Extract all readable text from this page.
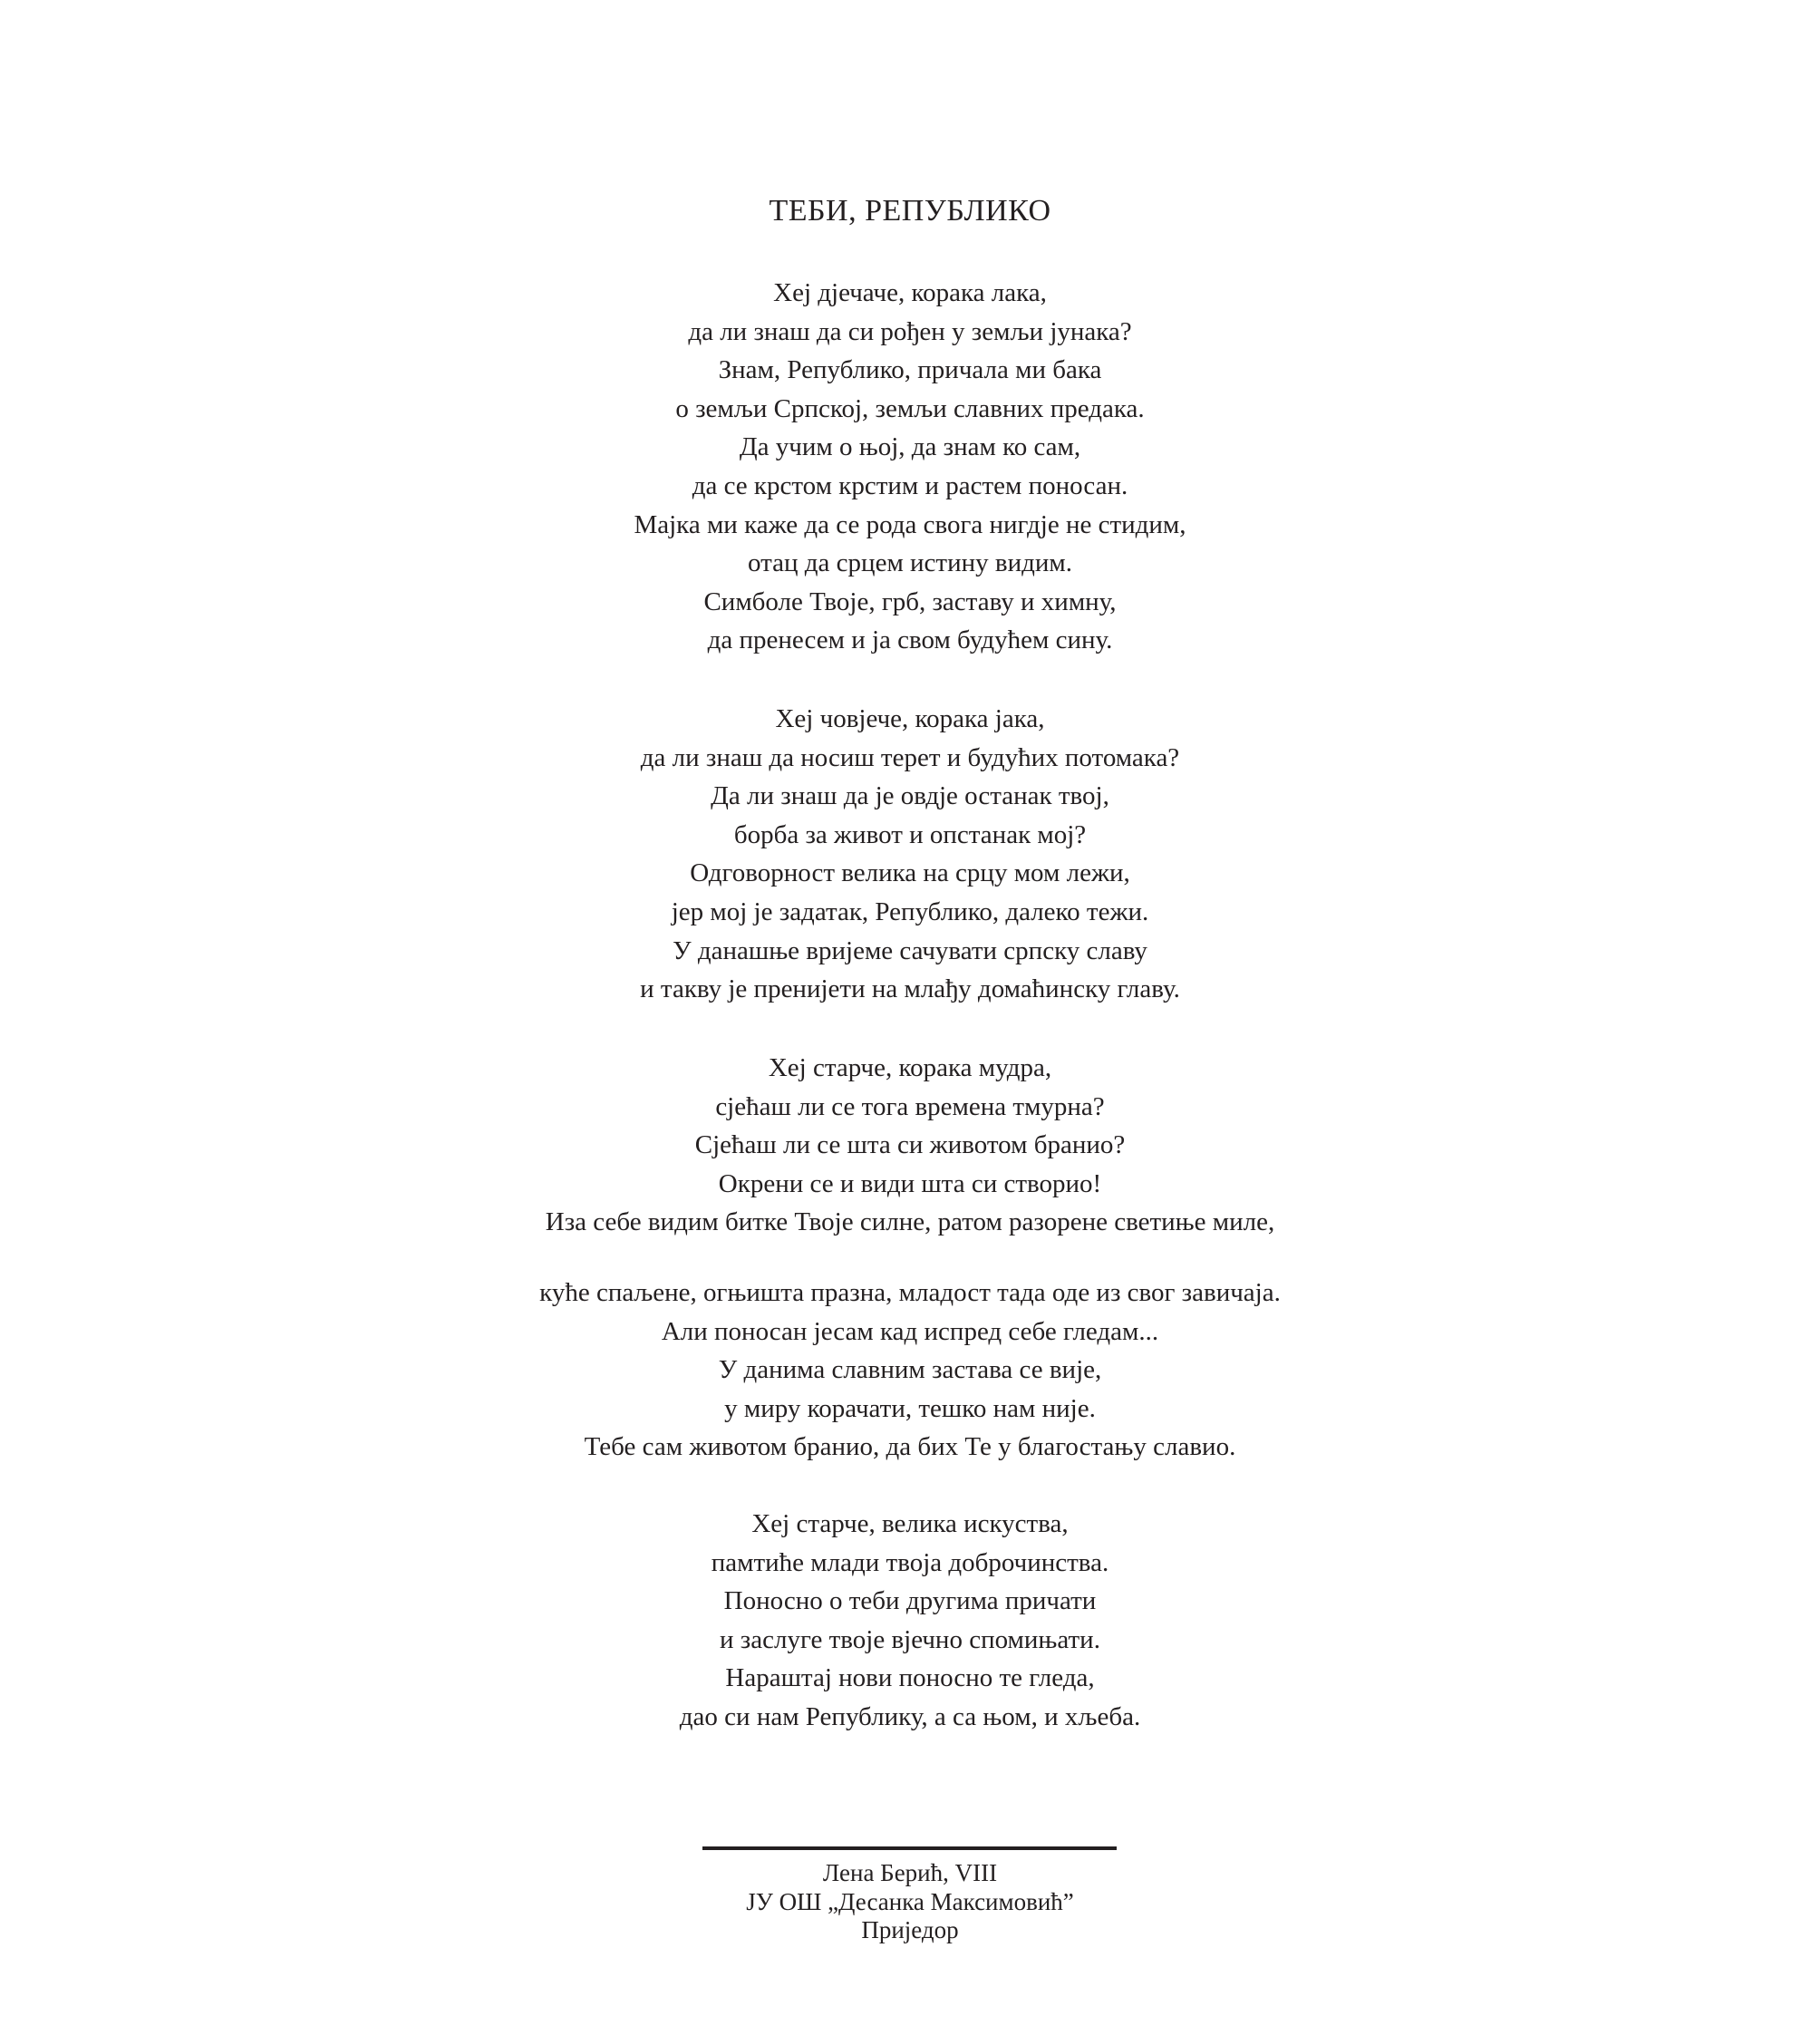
ТЕБИ, РЕПУБЛИКО
Хеј дјечаче, корака лака,
да ли знаш да си рођен у земљи јунака?
Знам, Републико, причала ми бака
о земљи Српској, земљи славних предака.
Да учим о њој, да знам ко сам,
да се крстом крстим и растем поносан.
Мајка ми каже да се рода свога нигдје не стидим,
отац да срцем истину видим.
Симболе Твоје, грб, заставу и химну,
да пренесем и ја свом будућем сину.
Хеј човјече, корака јака,
да ли знаш да носиш терет и будућих потомака?
Да ли знаш да је овдје останак твој,
борба за живот и опстанак мој?
Одговорност велика на срцу мом лежи,
јер мој је задатак, Републико, далеко тежи.
У данашње вријеме сачувати српску славу
и такву је пренијети на млађу домаћинску главу.
Хеј старче, корака мудра,
сјећаш ли се тога времена тмурна?
Сјећаш ли се шта си животом бранио?
Окрени се и види шта си створио!
Иза себе видим битке Твоје силне, ратом разорене светиње миле,
куће спаљене, огњишта празна, младост тада оде из свог завичаја.
Али поносан јесам кад испред себе гледам...
У данима славним застава се вије,
у миру корачати, тешко нам није.
Тебе сам животом бранио, да бих Те у благостању славио.
Хеј старче, велика искуства,
памтиће млади твоја доброчинства.
Поносно о теби другима причати
и заслуге твоје вјечно спомињати.
Нараштај нови поносно те гледа,
дао си нам Републику, а са њом, и хљеба.
Лена Берић, VIII
ЈУ ОШ „Десанка Максимовић”
Приједор
